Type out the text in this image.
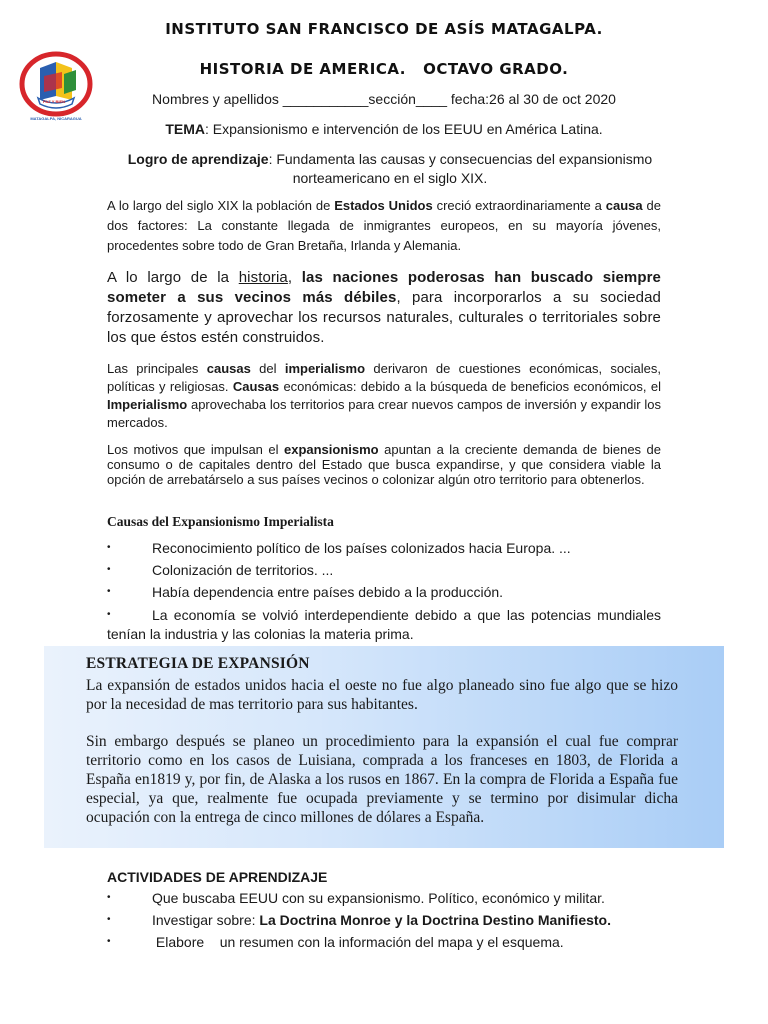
PAZ Y BIEN
MATAGALPA, NICARAGUA
INSTITUTO SAN FRANCISCO DE ASÍS MATAGALPA.
HISTORIA DE AMERICA.   OCTAVO GRADO.
Nombres y apellidos ___________sección____ fecha:26 al 30 de oct 2020
TEMA: Expansionismo e intervención de los EEUU en América Latina.
Logro de aprendizaje: Fundamenta las causas y consecuencias del expansionismo norteamericano en el siglo XIX.
A lo largo del siglo XIX la población de Estados Unidos creció extraordinariamente a causa de dos factores: La constante llegada de inmigrantes europeos, en su mayoría jóvenes, procedentes sobre todo de Gran Bretaña, Irlanda y Alemania.
A lo largo de la historia, las naciones poderosas han buscado siempre someter a sus vecinos más débiles, para incorporarlos a su sociedad forzosamente y aprovechar los recursos naturales, culturales o territoriales sobre los que éstos estén construidos.
Las principales causas del imperialismo derivaron de cuestiones económicas, sociales, políticas y religiosas. Causas económicas: debido a la búsqueda de beneficios económicos, el Imperialismo aprovechaba los territorios para crear nuevos campos de inversión y expandir los mercados.
Los motivos que impulsan el expansionismo apuntan a la creciente demanda de bienes de consumo o de capitales dentro del Estado que busca expandirse, y que considera viable la opción de arrebatárselo a sus países vecinos o colonizar algún otro territorio para obtenerlos.
Causas del Expansionismo Imperialista
•	Reconocimiento político de los países colonizados hacia Europa. ...
•	Colonización de territorios. ...
•	Había dependencia entre países debido a la producción.
•	La economía se volvió interdependiente debido a que las potencias mundiales tenían la industria y las colonias la materia prima.
ESTRATEGIA DE EXPANSIÓN
La expansión de estados unidos hacia el oeste no fue algo planeado sino fue algo que se hizo por la necesidad de mas territorio para sus habitantes.
Sin embargo después se planeo un procedimiento para la expansión el cual fue comprar territorio como en los casos de Luisiana, comprada a los franceses en 1803, de Florida a España en1819 y, por fin, de Alaska a los rusos en 1867. En la compra de Florida a España fue especial, ya que, realmente fue ocupada previamente y se termino por disimular dicha ocupación con la entrega de cinco millones de dólares a España.
ACTIVIDADES DE APRENDIZAJE
•	Que buscaba EEUU con su expansionismo. Político, económico y militar.
•	Investigar sobre: La Doctrina Monroe y la Doctrina Destino Manifiesto.
•	Elabore    un resumen con la información del mapa y el esquema.
